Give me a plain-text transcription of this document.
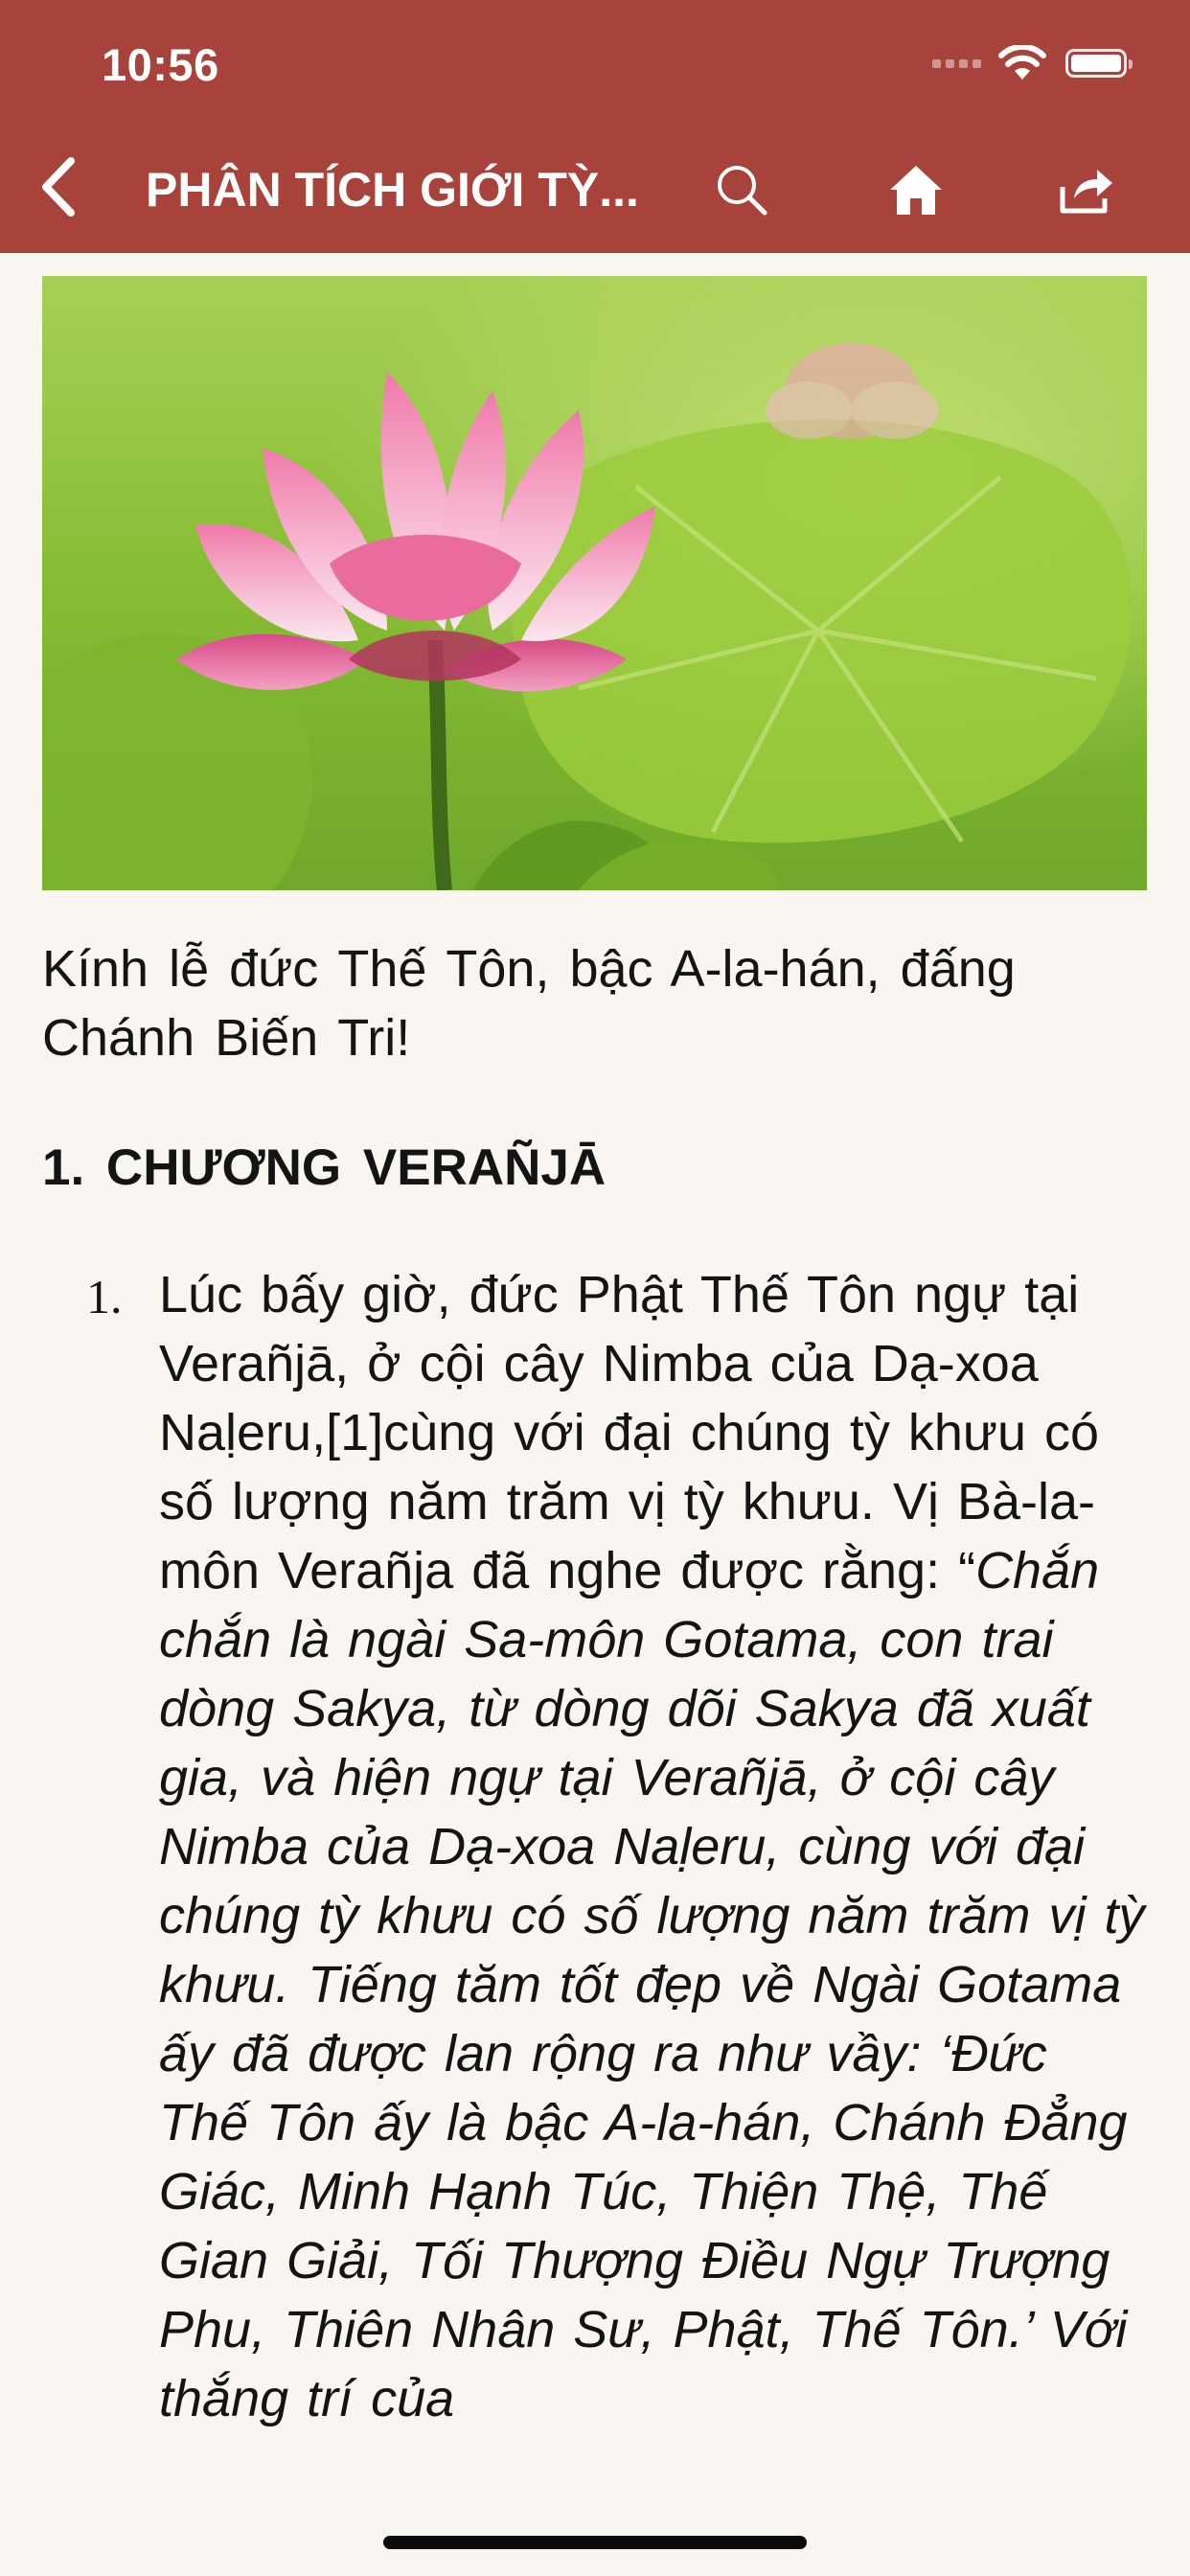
10:56
PHÂN TÍCH GIỚI TỲ...

Kính lễ đức Thế Tôn, bậc A-la-hán, đấng Chánh Biến Tri!

1. CHƯƠNG VERAÑJĀ
1. Lúc bấy giờ, đức Phật Thế Tôn ngự tại Verañjā, ở cội cây Nimba của Dạ-xoa Naḷeru,[1]cùng với đại chúng tỳ khưu có số lượng năm trăm vị tỳ khưu. Vị Bà-la-môn Verañja đã nghe được rằng: “Chắn chắn là ngài Sa-môn Gotama, con trai dòng Sakya, từ dòng dõi Sakya đã xuất gia, và hiện ngự tại Verañjā, ở cội cây Nimba của Dạ-xoa Naḷeru, cùng với đại chúng tỳ khưu có số lượng năm trăm vị tỳ khưu. Tiếng tăm tốt đẹp về Ngài Gotama ấy đã được lan rộng ra như vầy: ‘Đức Thế Tôn ấy là bậc A-la-hán, Chánh Đẳng Giác, Minh Hạnh Túc, Thiện Thệ, Thế Gian Giải, Tối Thượng Điều Ngự Trượng Phu, Thiên Nhân Sư, Phật, Thế Tôn.’ Với thắng trí của
